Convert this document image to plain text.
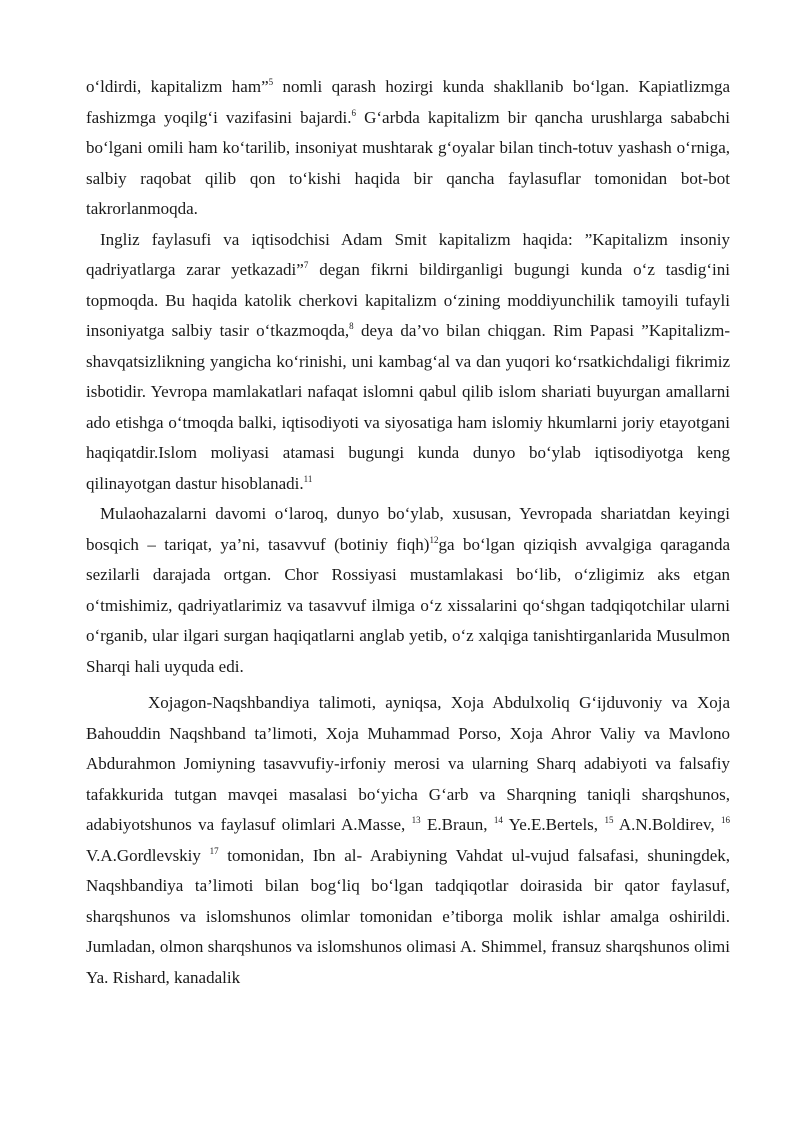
o‘ldirdi, kapitalizm ham”$^5$ nomli qarash hozirgi kunda shakllanib bo‘lgan. Kapiatlizmga fashizmga yoqilg‘i vazifasini bajardi.$^6$ G‘arbda kapitalizm bir qancha urushlarga sababchi bo‘lgani omili ham ko‘tarilib, insoniyat mushtarak g‘oyalar bilan tinch-totuv yashash o‘rniga, salbiy raqobat qilib qon to‘kishi haqida bir qancha faylasuflar tomonidan bot-bot takrorlanmoqda.

Ingliz faylasufi va iqtisodchisi Adam Smit kapitalizm haqida: ”Kapitalizm insoniy qadriyatlarga zarar yetkazadi”$^7$ degan fikrni bildirganligi bugungi kunda o‘z tasdig‘ini topmoqda. Bu haqida katolik cherkovi kapitalizm o‘zining moddiyunchilik tamoyili tufayli insoniyatga salbiy tasir o‘tkazmoqda,$^8$ deya da’vo bilan chiqgan. Rim Papasi ”Kapitalizm-shavqatsizlikning yangicha ko‘rinishi, uni kambag‘al va dan yuqori ko‘rsatkichdaligi fikrimiz isbotidir. Yevropa mamlakatlari nafaqat islomni qabul qilib islom shariati buyurgan amallarni ado etishga o‘tmoqda balki, iqtisodiyoti va siyosatiga ham islomiy hkumlarni joriy etayotgani haqiqatdir.Islom moliyasi atamasi bugungi kunda dunyo bo‘ylab iqtisodiyotga keng qilinayotgan dastur hisoblanadi.$^{11}$

Mulaohazalarni davomi o‘laroq, dunyo bo‘ylab, xususan, Yevropada shariatdan keyingi bosqich – tariqat, ya’ni, tasavvuf (botiniy fiqh)$^{12}$ga bo‘lgan qiziqish avvalgiga qaraganda sezilarli darajada ortgan. Chor Rossiyasi mustamlakasi bo‘lib, o‘zligimiz aks etgan o‘tmishimiz, qadriyatlarimiz va tasavvuf ilmiga o‘z xissalarini qo‘shgan tadqiqotchilar ularni o‘rganib, ular ilgari surgan haqiqatlarni anglab yetib, o‘z xalqiga tanishtirganlarida Musulmon Sharqi hali uyquda edi.

Xojagon-Naqshbandiya talimoti, ayniqsa, Xoja Abdulxoliq G‘ijduvoniy va Xoja Bahouddin Naqshband ta’limoti, Xoja Muhammad Porso, Xoja Ahror Valiy va Mavlono Abdurahmon Jomiyning tasavvufiy-irfoniy merosi va ularning Sharq adabiyoti va falsafiy tafakkurida tutgan mavqei masalasi bo‘yicha G‘arb va Sharqning taniqli sharqshunos, adabiyotshunos va faylasuf olimlari A.Masse, $^{13}$ E.Braun, $^{14}$ Ye.E.Bertels, $^{15}$ A.N.Boldirev, $^{16}$ V.A.Gordlevskiy $^{17}$ tomonidan, Ibn al- Arabiyning Vahdat ul-vujud falsafasi, shuningdek, Naqshbandiya ta’limoti bilan bog‘liq bo‘lgan tadqiqotlar doirasida bir qator faylasuf, sharqshunos va islomshunos olimlar tomonidan e’tiborga molik ishlar amalga oshirildi. Jumladan, olmon sharqshunos va islomshunos olimasi A. Shimmel, fransuz sharqshunos olimi Ya. Rishard, kanadalik
